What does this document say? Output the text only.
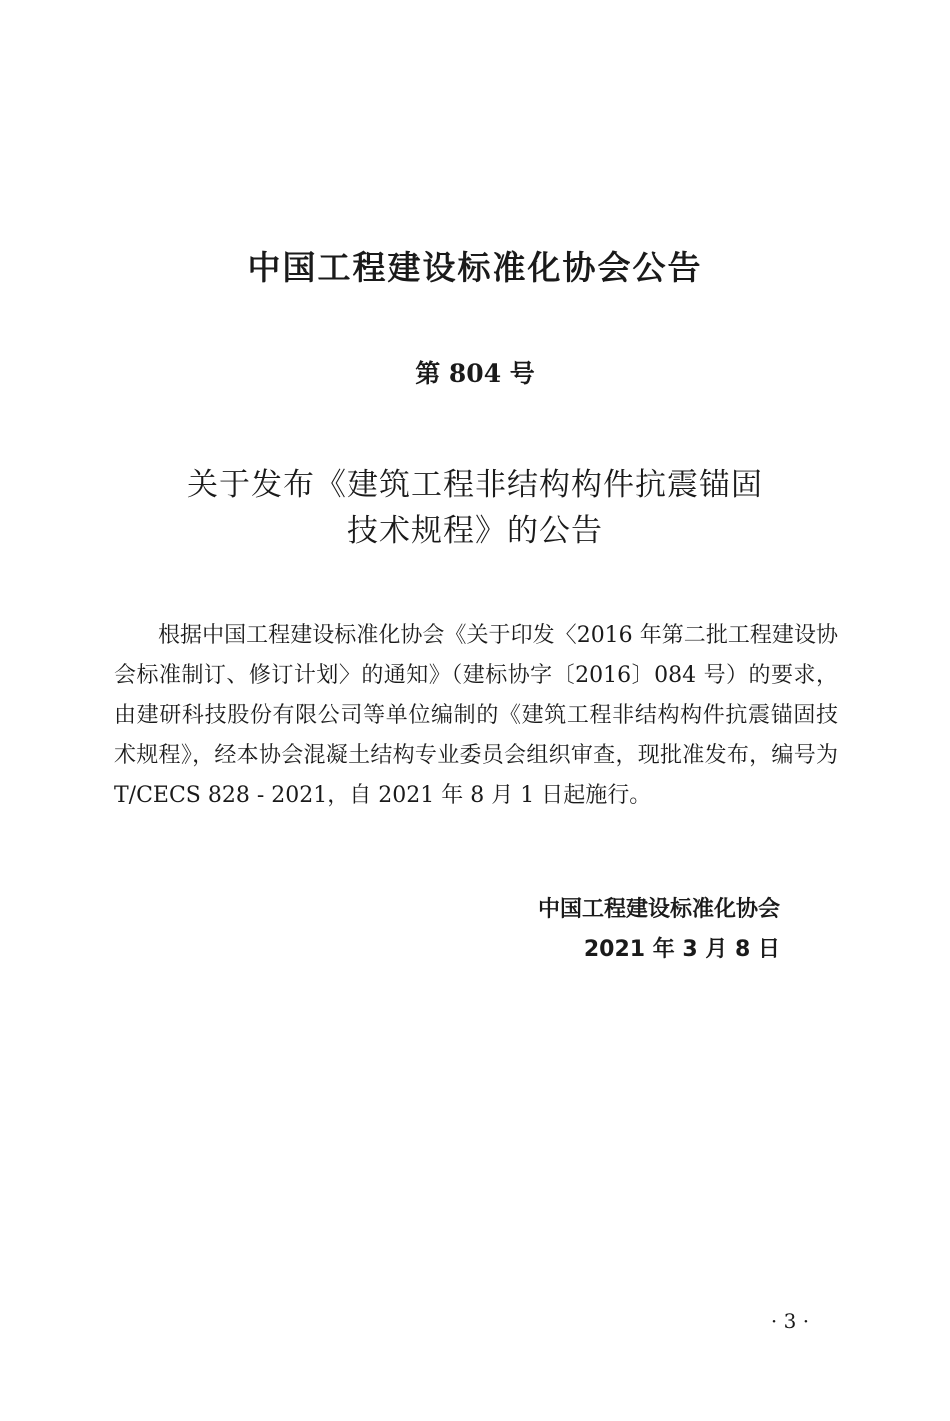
中国工程建设标准化协会公告
第 804 号
关于发布《建筑工程非结构构件抗震锚固
技术规程》的公告

根据中国工程建设标准化协会《关于印发〈2016 年第二批工程建设协会标准制订、修订计划〉的通知》（建标协字〔2016〕084 号）的要求，由建研科技股份有限公司等单位编制的《建筑工程非结构构件抗震锚固技术规程》，经本协会混凝土结构专业委员会组织审查，现批准发布，编号为 T/CECS 828 - 2021，自 2021 年 8 月 1 日起施行。

中国工程建设标准化协会
2021 年 3 月 8 日
· 3 ·
